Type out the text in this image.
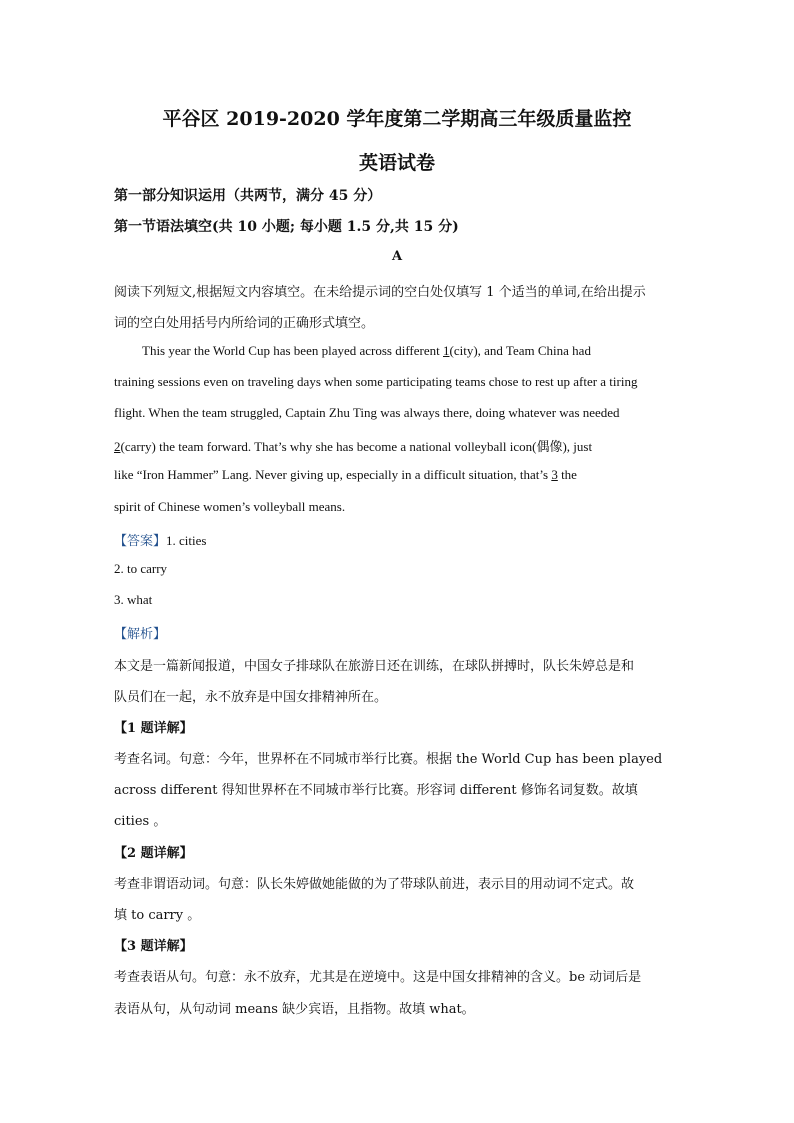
平谷区 2019-2020 学年度第二学期高三年级质量监控
英语试卷
第一部分知识运用（共两节，满分 45 分）
第一节语法填空(共 10 小题; 每小题 1.5 分,共 15 分)
A
阅读下列短文,根据短文内容填空。在未给提示词的空白处仅填写 1 个适当的单词,在给出提示
词的空白处用括号内所给词的正确形式填空。
This year the World Cup has been played across different 1(city), and Team China had
training sessions even on traveling days when some participating teams chose to rest up after a tiring
flight. When the team struggled, Captain Zhu Ting was always there, doing whatever was needed
2(carry) the team forward. That’s why she has become a national volleyball icon(偶像), just
like “Iron Hammer” Lang. Never giving up, especially in a difficult situation, that’s 3 the
spirit of Chinese women’s volleyball means.
【答案】1. cities
2. to carry
3. what
【解析】
本文是一篇新闻报道，中国女子排球队在旅游日还在训练，在球队拼搏时，队长朱婷总是和
队员们在一起，永不放弃是中国女排精神所在。
【1 题详解】
考查名词。句意：今年，世界杯在不同城市举行比赛。根据 the World Cup has been played
across different 得知世界杯在不同城市举行比赛。形容词 different 修饰名词复数。故填
cities 。
【2 题详解】
考查非谓语动词。句意：队长朱婷做她能做的为了带球队前进，表示目的用动词不定式。故
填 to carry 。
【3 题详解】
考查表语从句。句意：永不放弃，尤其是在逆境中。这是中国女排精神的含义。be 动词后是
表语从句，从句动词 means 缺少宾语，且指物。故填 what。
